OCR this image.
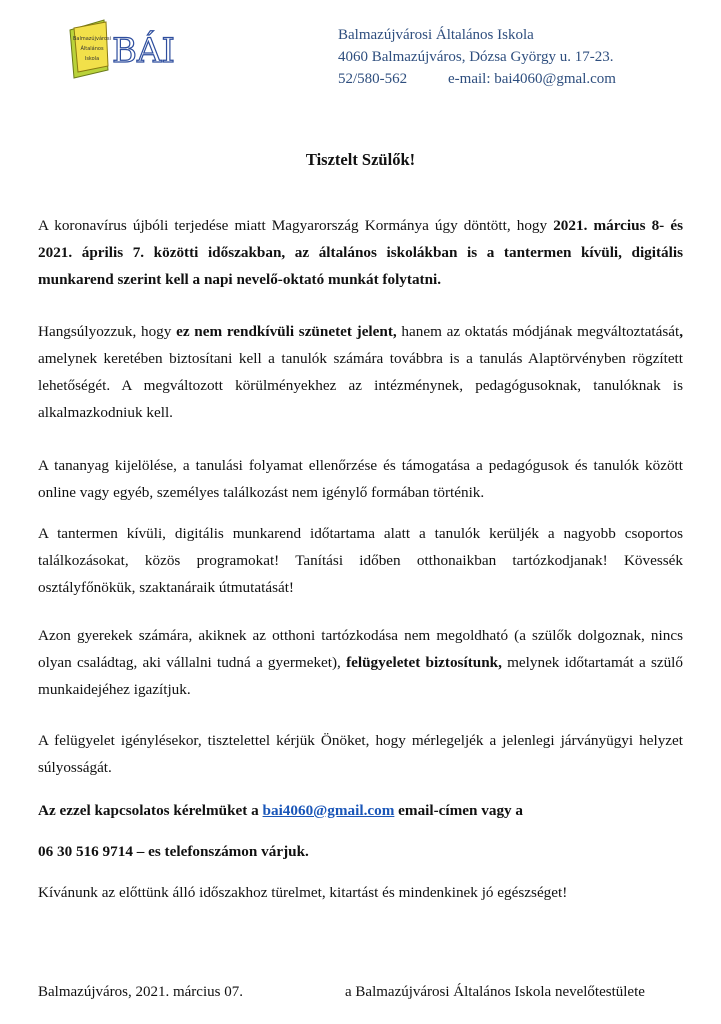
Balmazújvárosi
Általános
Iskola BÁI	Balmazújvárosi Általános Iskola
4060 Balmazújváros, Dózsa György u. 17-23.
52/580-562	e-mail: bai4060@gmal.com
Tisztelt Szülők!

A koronavírus újbóli terjedése miatt Magyarország Kormánya úgy döntött, hogy 2021. március 8- és 2021. április 7. közötti időszakban, az általános iskolákban is a tantermen kívüli, digitális munkarend szerint kell a napi nevelő-oktató munkát folytatni.

Hangsúlyozzuk, hogy ez nem rendkívüli szünetet jelent, hanem az oktatás módjának megváltoztatását, amelynek keretében biztosítani kell a tanulók számára továbbra is a tanulás Alaptörvényben rögzített lehetőségét. A megváltozott körülményekhez az intézménynek, pedagógusoknak, tanulóknak is alkalmazkodniuk kell.

A tananyag kijelölése, a tanulási folyamat ellenőrzése és támogatása a pedagógusok és tanulók között online vagy egyéb, személyes találkozást nem igénylő formában történik.

A tantermen kívüli, digitális munkarend időtartama alatt a tanulók kerüljék a nagyobb csoportos találkozásokat, közös programokat! Tanítási időben otthonaikban tartózkodjanak! Kövessék osztályfőnökük, szaktanáraik útmutatását!

Azon gyerekek számára, akiknek az otthoni tartózkodása nem megoldható (a szülők dolgoznak, nincs olyan családtag, aki vállalni tudná a gyermeket), felügyeletet biztosítunk, melynek időtartamát a szülő munkaidejéhez igazítjuk.

A felügyelet igénylésekor, tisztelettel kérjük Önöket, hogy mérlegeljék a jelenlegi járványügyi helyzet súlyosságát.

Az ezzel kapcsolatos kérelmüket a bai4060@gmail.com email-címen vagy a

06 30 516 9714 – es telefonszámon várjuk.

Kívánunk az előttünk álló időszakhoz türelmet, kitartást és mindenkinek jó egészséget!

Balmazújváros, 2021. március 07.	a Balmazújvárosi Általános Iskola nevelőtestülete
